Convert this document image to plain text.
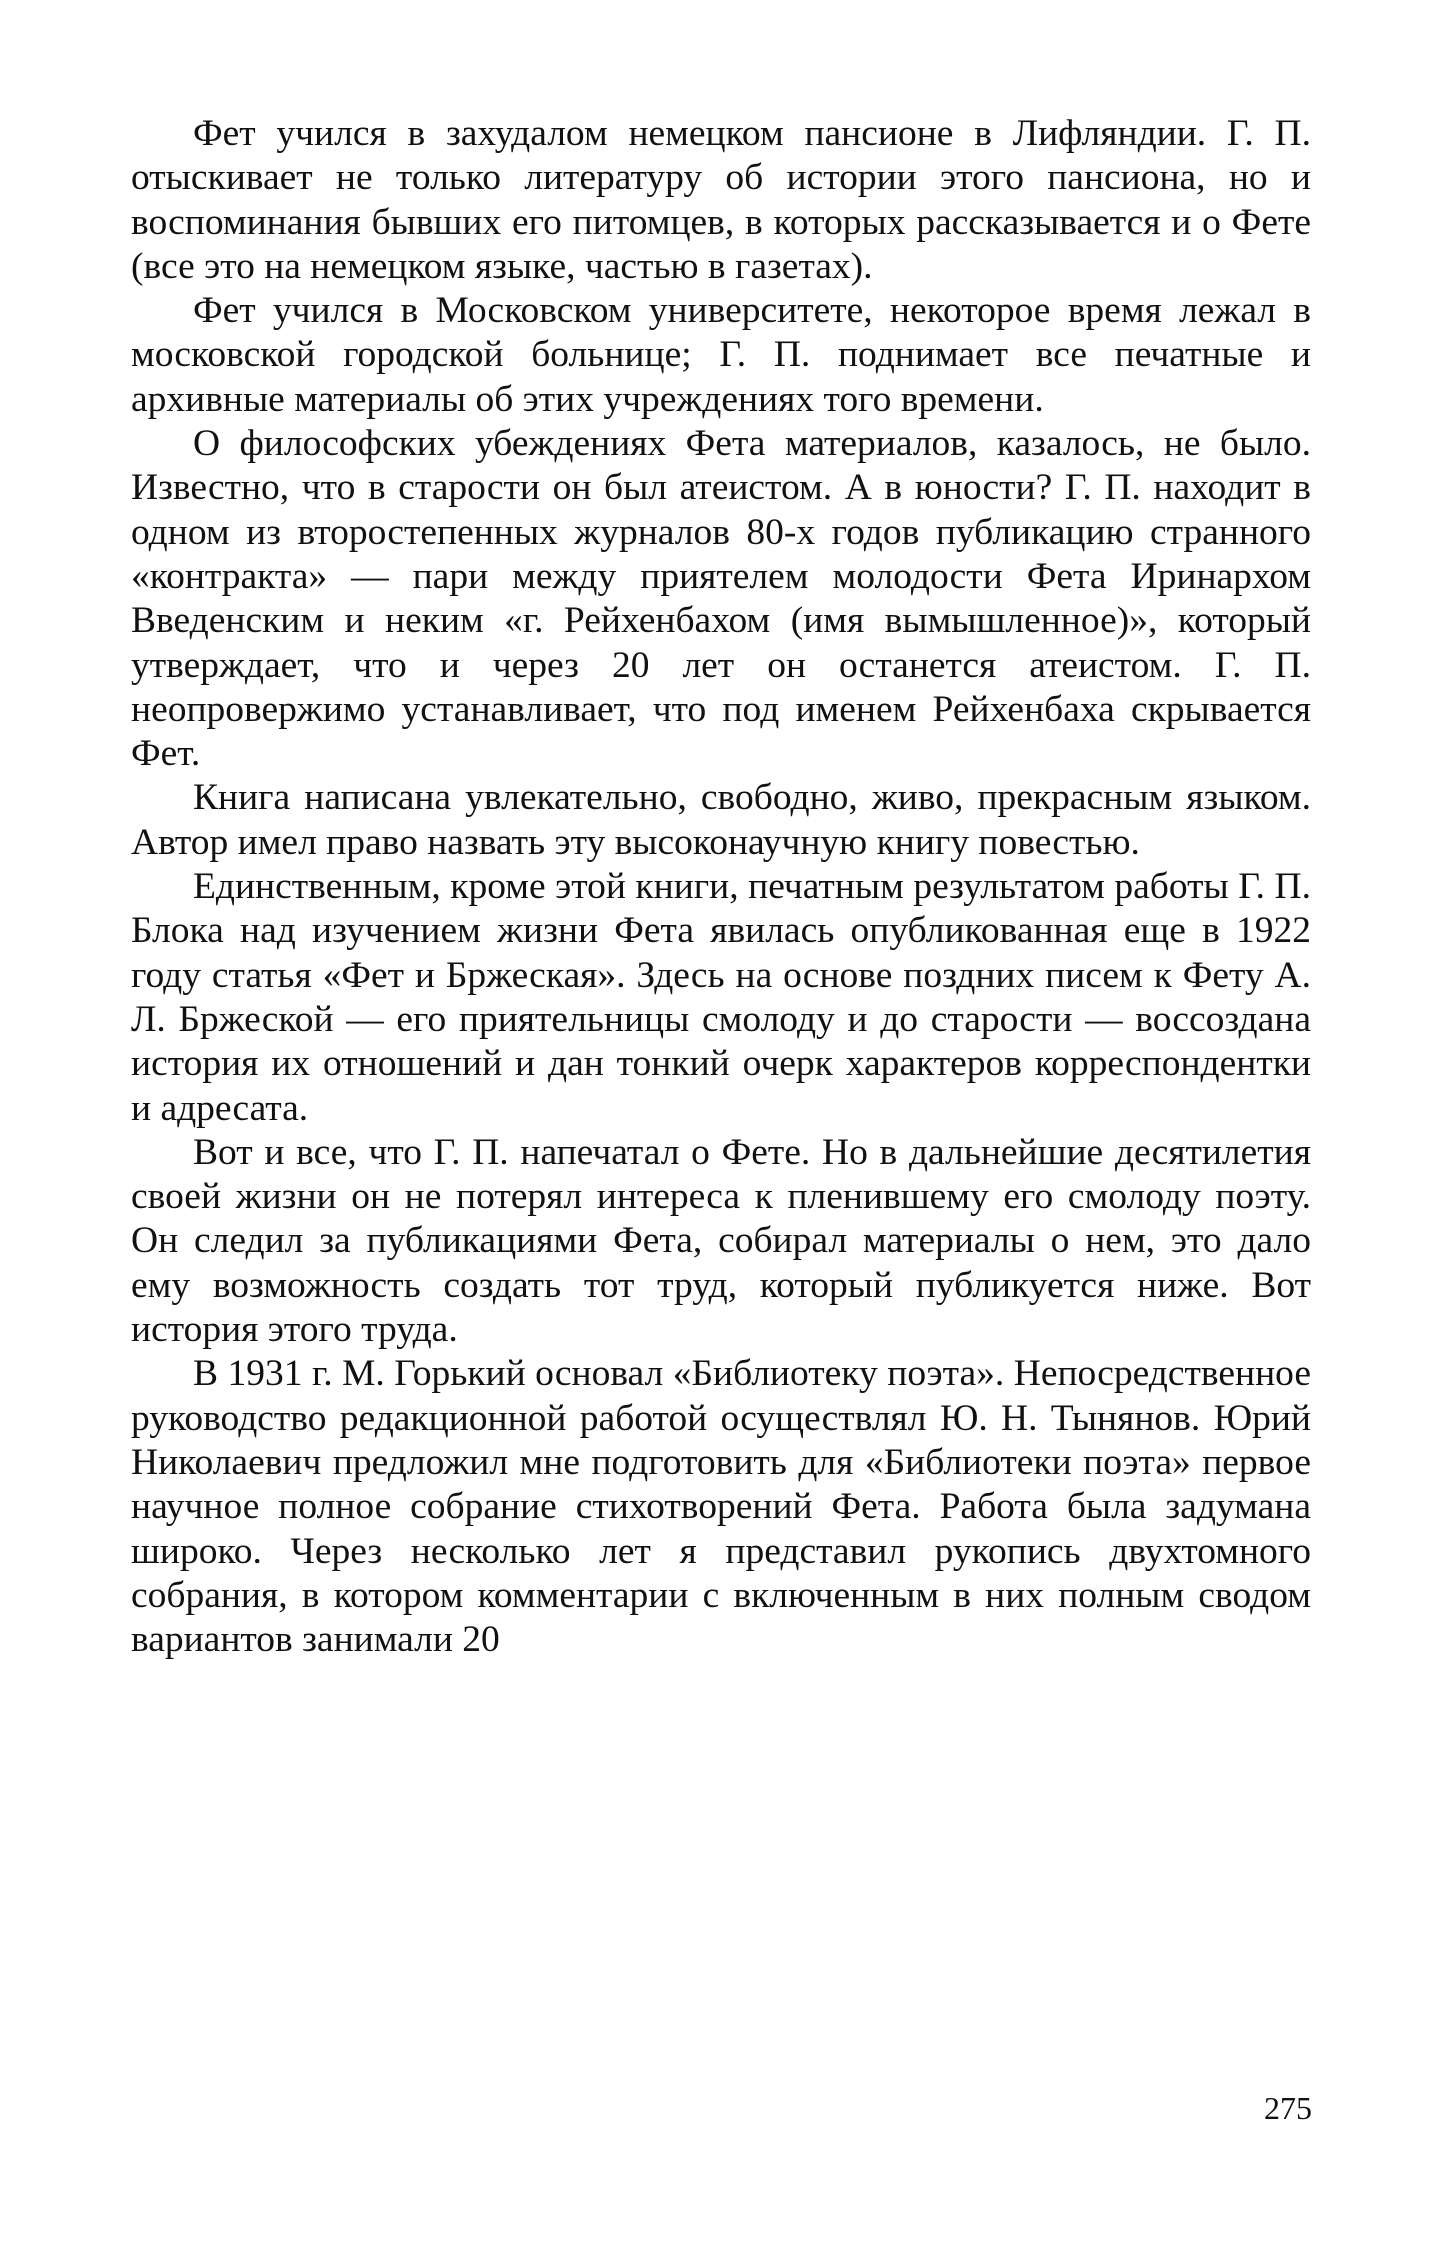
Фет учился в захудалом немецком пансионе в Лифляндии. Г. П. отыскивает не только литературу об истории этого пансиона, но и воспоминания бывших его питомцев, в которых рассказывается и о Фете (все это на немецком языке, частью в газетах).

Фет учился в Московском университете, некоторое время лежал в московской городской больнице; Г. П. поднимает все печатные и архивные материалы об этих учреждениях того времени.

О философских убеждениях Фета материалов, казалось, не было. Известно, что в старости он был атеистом. А в юности? Г. П. находит в одном из второстепенных журналов 80-х годов публикацию странного «контракта» — пари между приятелем молодости Фета Иринархом Введенским и неким «г. Рейхенбахом (имя вымышленное)», который утверждает, что и через 20 лет он останется атеистом. Г. П. неопровержимо устанавливает, что под именем Рейхенбаха скрывается Фет.

Книга написана увлекательно, свободно, живо, прекрасным языком. Автор имел право назвать эту высоконаучную книгу повестью.

Единственным, кроме этой книги, печатным результатом работы Г. П. Блока над изучением жизни Фета явилась опубликованная еще в 1922 году статья «Фет и Бржеская». Здесь на основе поздних писем к Фету А. Л. Бржеской — его приятельницы смолоду и до старости — воссоздана история их отношений и дан тонкий очерк характеров корреспондентки и адресата.

Вот и все, что Г. П. напечатал о Фете. Но в дальнейшие десятилетия своей жизни он не потерял интереса к пленившему его смолоду поэту. Он следил за публикациями Фета, собирал материалы о нем, это дало ему возможность создать тот труд, который публикуется ниже. Вот история этого труда.

В 1931 г. М. Горький основал «Библиотеку поэта». Непосредственное руководство редакционной работой осуществлял Ю. Н. Тынянов. Юрий Николаевич предложил мне подготовить для «Библиотеки поэта» первое научное полное собрание стихотворений Фета. Работа была задумана широко. Через несколько лет я представил рукопись двухтомного собрания, в котором комментарии с включенным в них полным сводом вариантов занимали 20

275
